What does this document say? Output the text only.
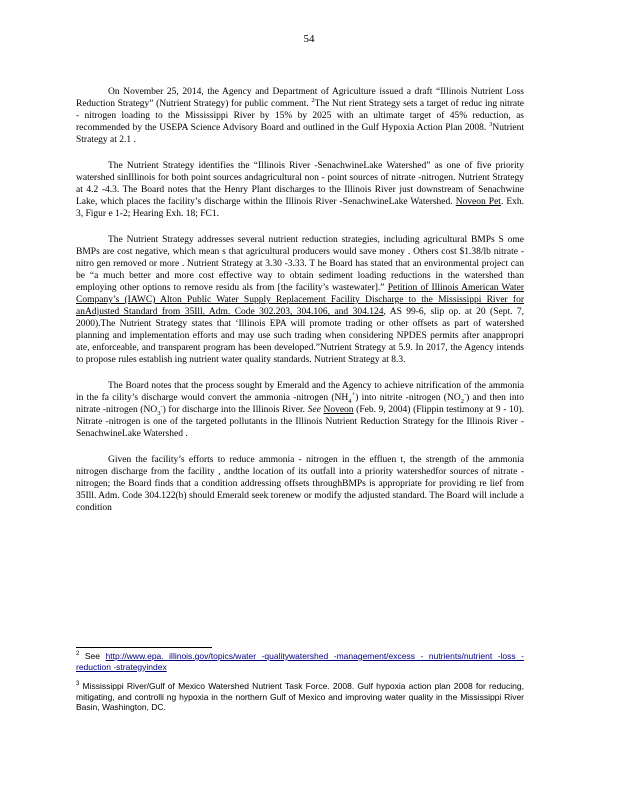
54

On November 25, 2014, the Agency and Department of Agriculture issued a draft “Illinois Nutrient Loss Reduction Strategy” (Nutrient Strategy) for public comment. $^2$The Nut rient Strategy sets a target of reduc ing nitrate - nitrogen loading to the Mississippi River by 15% by 2025 with an ultimate target of 45% reduction, as recommended by the USEPA Science Advisory Board and outlined in the Gulf Hypoxia Action Plan 2008. $^3$Nutrient Strategy at 2.1 .

The Nutrient Strategy identifies the “Illinois River -SenachwineLake Watershed” as one of five priority watershed sinIllinois for both point sources andagricultural non - point sources of nitrate -nitrogen. Nutrient Strategy at 4.2 -4.3. The Board notes that the Henry Plant discharges to the Illinois River just downstream of Senachwine Lake, which places the facility’s discharge within the Illinois River -SenachwineLake Watershed. Noveon Pet. Exh. 3, Figur e 1-2; Hearing Exh. 18; FC1.

The Nutrient Strategy addresses several nutrient reduction strategies, including agricultural BMPs S ome BMPs are cost negative, which mean s that agricultural producers would save money . Others cost $1.38/lb nitrate - nitro gen removed or more . Nutrient Strategy at 3.30 -3.33. T he Board has stated that an environmental project can be “a much better and more cost effective way to obtain sediment loading reductions in the watershed than employing other options to remove residu als from [the facility’s wastewater].” Petition of Illinois American Water Company’s (IAWC) Alton Public Water Supply Replacement Facility Discharge to the Mississippi River for anAdjusted Standard from 35Ill. Adm. Code 302.203, 304.106, and 304.124, AS 99-6, slip op. at 20 (Sept. 7, 2000).The Nutrient Strategy states that ‘Illinois EPA will promote trading or other offsets as part of watershed planning and implementation efforts and may use such trading when considering NPDES permits after anappropri ate, enforceable, and transparent program has been developed.”Nutrient Strategy at 5.9. In 2017, the Agency intends to propose rules establish ing nutrient water quality standards. Nutrient Strategy at 8.3.

The Board notes that the process sought by Emerald and the Agency to achieve nitrification of the ammonia in the fa cility’s discharge would convert the ammonia -nitrogen $(NH_4^+)$ into nitrite -nitrogen $(NO_2^-)$ and then into nitrate -nitrogen $(NO_3^-)$ for discharge into the Illinois River. See Noveon (Feb. 9, 2004) (Flippin testimony at 9 - 10). Nitrate -nitrogen is one of the targeted pollutants in the Illinois Nutrient Reduction Strategy for the Illinois River - SenachwineLake Watershed .

Given the facility’s efforts to reduce ammonia - nitrogen in the effluen t, the strength of the ammonia nitrogen discharge from the facility , andthe location of its outfall into a priority watershedfor sources of nitrate - nitrogen; the Board finds that a condition addressing offsets throughBMPs is appropriate for providing re lief from 35Ill. Adm. Code 304.122(b) should Emerald seek torenew or modify the adjusted standard. The Board will include a condition

$^2$ See http://www.epa. illinois.gov/topics/water -qualitywatershed -management/excess - nutrients/nutrient -loss -reduction -strategyindex

$^3$ Mississippi River/Gulf of Mexico Watershed Nutrient Task Force. 2008. Gulf hypoxia action plan 2008 for reducing, mitigating, and controlli ng hypoxia in the northern Gulf of Mexico and improving water quality in the Mississippi River Basin, Washington, DC.
